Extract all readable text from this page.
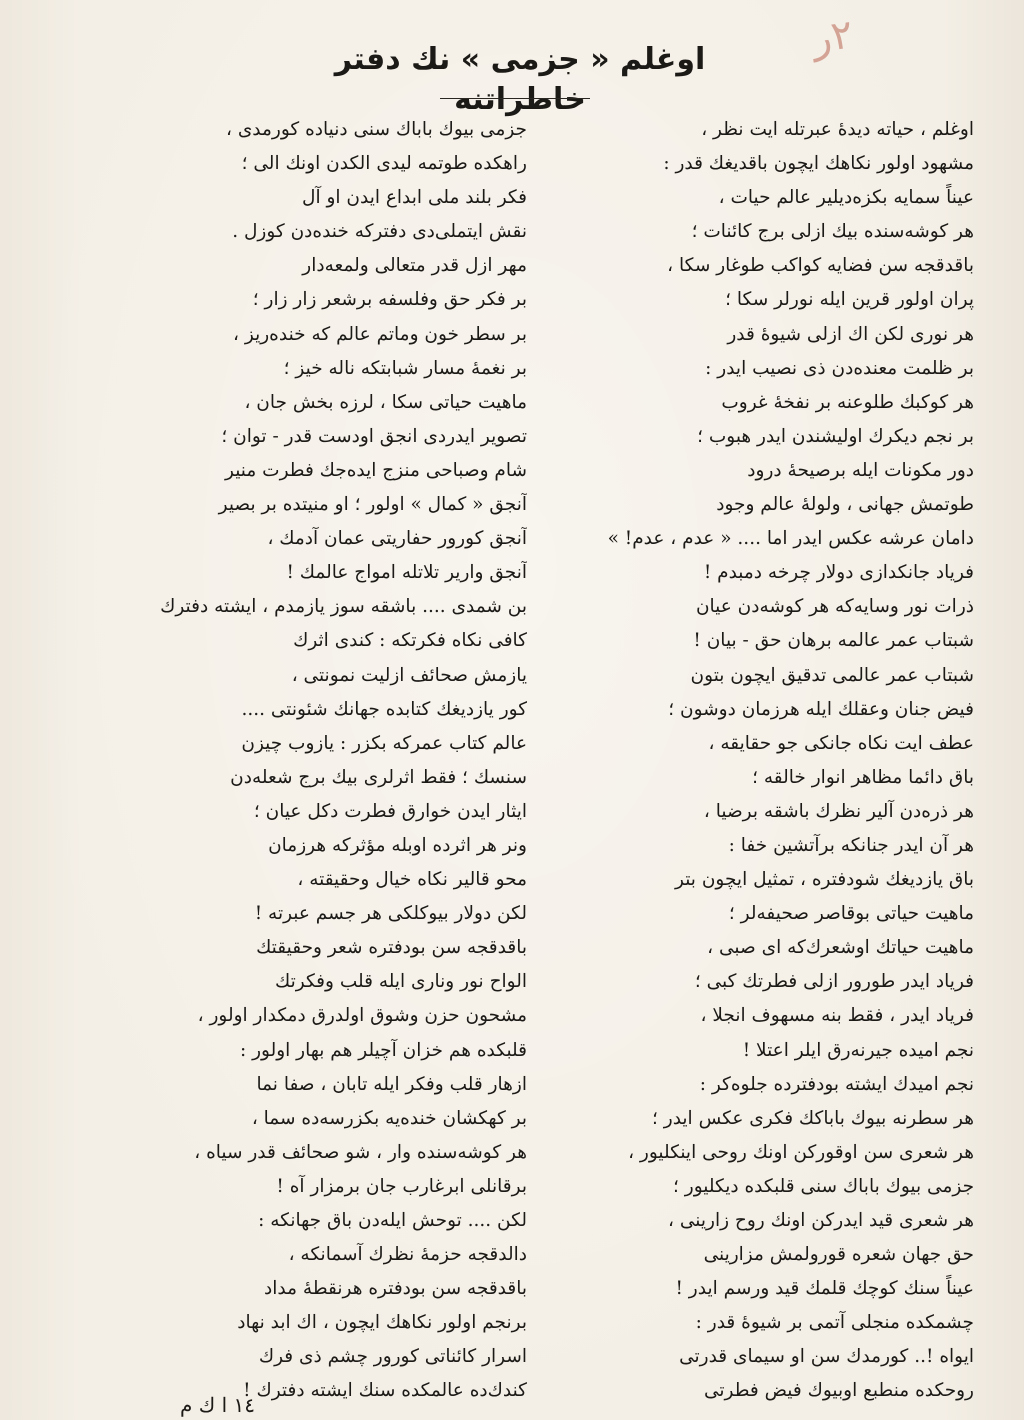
۲ر
اوغلم « جزمی » نك دفتر خاطراتنه
اوغلم ، حیاته دیدهٔ عبرتله ایت نظر ،
مشهود اولور نکاهك ایچون باقدیغك قدر :
عیناً سمایه بکزه‌دیلیر عالم حیات ،
هر کوشه‌سنده بیك ازلی برج کائنات ؛
باقدقجه سن فضایه کواکب طوغار سکا ،
پران اولور قرین ایله نورلر سکا ؛
هر نوری لکن اك ازلی شیوهٔ قدر
بر ظلمت معنده‌دن ذی نصیب ایدر :
هر کوکبك طلوعنه بر نفخهٔ غروب
بر نجم دیکرك اولیشندن ایدر هبوب ؛
دور مکونات ایله برصیحهٔ درود
طوتمش جهانی ، ولولهٔ عالم وجود
دامان عرشه عکس ایدر اما .... « عدم ، عدم! »
فریاد جانکدازی دولار چرخه دمبدم !
ذرات نور وسایه‌که هر کوشه‌دن عیان
شبتاب عمر عالمه برهان حق - بیان !
شبتاب عمر عالمی تدقیق ایچون بتون
فیض جنان وعقلك ایله هرزمان دوشون ؛
عطف ایت نکاه جانکی جو حقایقه ،
باق دائما مظاهر انوار خالقه ؛
هر ذره‌دن آلیر نظرك باشقه برضیا ،
هر آن ایدر جنانکه برآتشین خفا :
باق یازدیغك شودفتره ، تمثیل ایچون بتر
ماهیت حیاتی بوقاصر صحیفه‌لر ؛
ماهیت حیاتك اوشعرك‌که ای صبی ،
فریاد ایدر طورور ازلی فطرتك کبی ؛
فریاد ایدر ، فقط بنه مسهوف انجلا ،
نجم امیده جیرنه‌رق ایلر اعتلا !
نجم امیدك ایشته بودفترده جلوه‌کر :
هر سطرنه بیوك باباكك فكری عكس ایدر ؛
هر شعری سن اوقورکن اونك روحی اینکلیور ،
جزمی بیوك باباك سنی قلبكده دیکلیور ؛
هر شعری قید ایدرکن اونك روح زارینی ،
حق جهان شعره قورولمش مزارینی
عیناً سنك کوچك قلمك قید ورسم ایدر !
چشمکده منجلی آتمی بر شیوهٔ قدر :
ایواه !.. کورمدك سن او سیمای قدرتی
روحکده منطبع اوبیوك فیض فطرتی
جزمی بیوك باباك سنی دنیاده کورمدی ،
راهکده طوتمه لیدی الکدن اونك الی ؛
فکر بلند ملی ابداع ایدن او آل
نقش ایتملی‌دی دفترکه خنده‌دن کوزل .
مهر ازل قدر متعالی ولمعه‌دار
بر فکر حق وفلسفه برشعر زار زار ؛
بر سطر خون وماتم عالم که خنده‌ریز ،
بر نغمهٔ مسار شبابتکه ناله خیز ؛
ماهیت حیاتی سکا ، لرزه بخش جان ،
تصویر ایدردی انجق اودست قدر - توان ؛
شام وصباحی منزج ایده‌جك فطرت منیر
آنجق « کمال » اولور ؛ او منیتده بر بصیر
آنجق کورور حفاریتی عمان آدمك ،
آنجق واریر تلاتله امواج عالمك !
بن شمدی .... باشقه سوز یازمدم ، ایشته دفترك
کافی نکاه فکرتکه : کندی اثرك
یازمش صحائف ازلیت نمونتی ،
کور یازدیغك کتابده جهانك شئونتی ....
عالم کتاب عمرکه بکزر : یازوب چیزن
سنسك ؛ فقط اثرلری بیك برج شعله‌دن
ایثار ایدن خوارق فطرت دکل عیان ؛
ونر هر اثرده اوبله مؤثرکه هرزمان
محو قالیر نکاه خیال وحقیقته ،
لکن دولار بیوکلکی هر جسم عبرته !
باقدقجه سن بودفتره شعر وحقیقتك
الواح نور وناری ایله قلب وفکرتك
مشحون حزن وشوق اولدرق دمكدار اولور ،
قلبکده هم خزان آچیلر هم بهار اولور :
ازهار قلب وفکر ایله تابان ، صفا نما
بر کهکشان خنده‌یه بکزرسه‌ده سما ،
هر کوشه‌سنده وار ، شو صحائف قدر سیاه ،
برقانلی ابرغارب جان برمزار آه !
لکن .... توحش ایله‌دن باق جهانکه :
دالدقجه حزمهٔ نظرك آسمانکه ،
باقدقجه سن بودفتره هرنقطهٔ مداد
برنجم اولور نکاهك ایچون ، اك ابد نهاد
اسرار کائناتی کورور چشم ذی فرك
کندك‌ده عالمکده سنك ایشته دفترك !
١٤ ا ك م
